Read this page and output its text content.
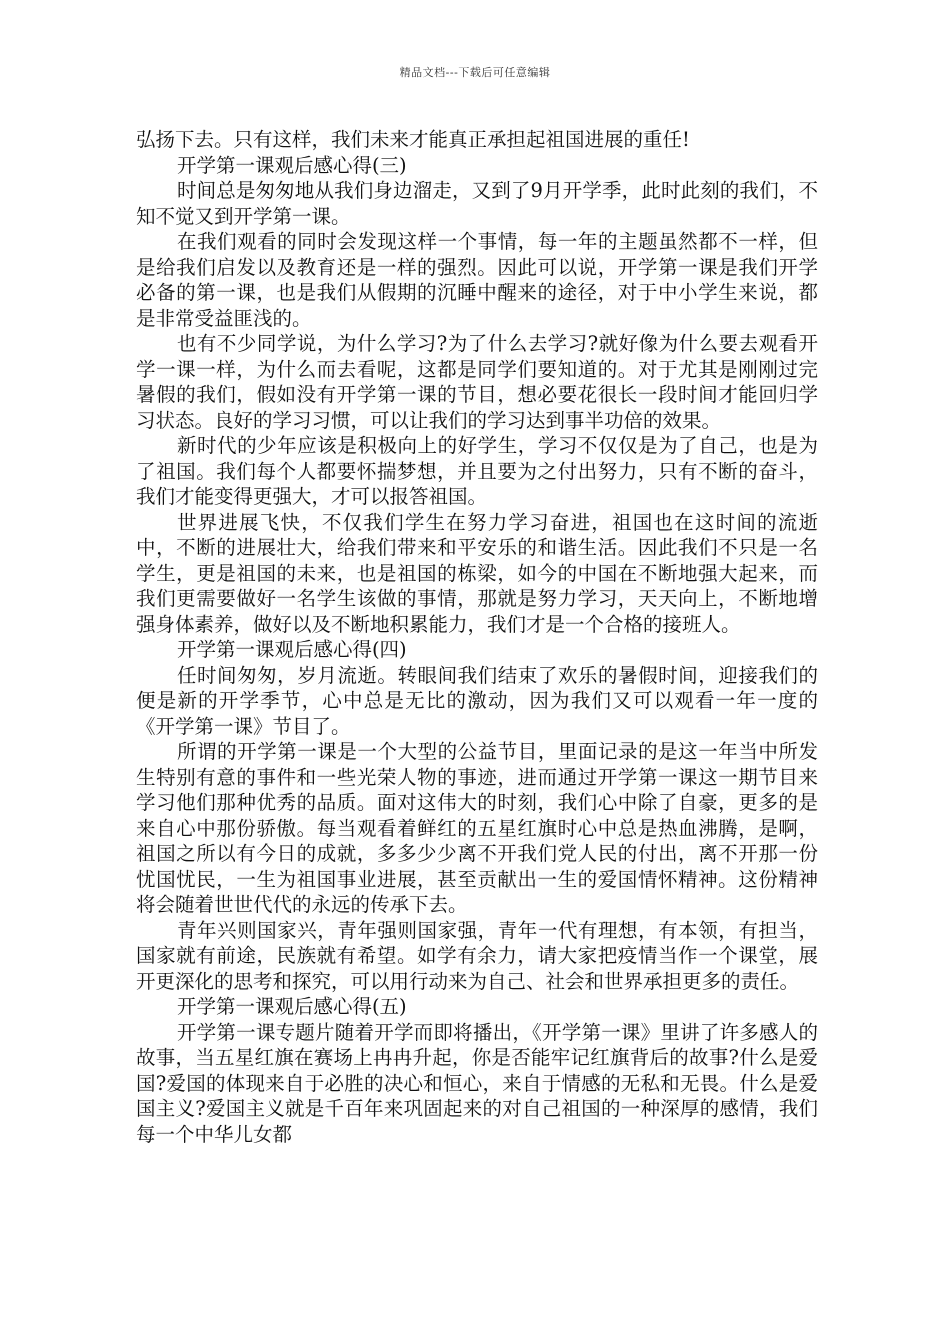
精品文档---下载后可任意编辑

弘扬下去。只有这样，我们未来才能真正承担起祖国进展的重任!

开学第一课观后感心得(三)

时间总是匆匆地从我们身边溜走，又到了9月开学季，此时此刻的我们，不知不觉又到开学第一课。

在我们观看的同时会发现这样一个事情，每一年的主题虽然都不一样，但是给我们启发以及教育还是一样的强烈。因此可以说，开学第一课是我们开学必备的第一课，也是我们从假期的沉睡中醒来的途径，对于中小学生来说，都是非常受益匪浅的。

也有不少同学说，为什么学习?为了什么去学习?就好像为什么要去观看开学一课一样，为什么而去看呢，这都是同学们要知道的。对于尤其是刚刚过完暑假的我们，假如没有开学第一课的节目，想必要花很长一段时间才能回归学习状态。良好的学习习惯，可以让我们的学习达到事半功倍的效果。

新时代的少年应该是积极向上的好学生，学习不仅仅是为了自己，也是为了祖国。我们每个人都要怀揣梦想，并且要为之付出努力，只有不断的奋斗，我们才能变得更强大，才可以报答祖国。

世界进展飞快，不仅我们学生在努力学习奋进，祖国也在这时间的流逝中，不断的进展壮大，给我们带来和平安乐的和谐生活。因此我们不只是一名学生，更是祖国的未来，也是祖国的栋梁，如今的中国在不断地强大起来，而我们更需要做好一名学生该做的事情，那就是努力学习，天天向上，不断地增强身体素养，做好以及不断地积累能力，我们才是一个合格的接班人。

开学第一课观后感心得(四)

任时间匆匆，岁月流逝。转眼间我们结束了欢乐的暑假时间，迎接我们的便是新的开学季节，心中总是无比的激动，因为我们又可以观看一年一度的《开学第一课》节目了。

所谓的开学第一课是一个大型的公益节目，里面记录的是这一年当中所发生特别有意的事件和一些光荣人物的事迹，进而通过开学第一课这一期节目来学习他们那种优秀的品质。面对这伟大的时刻，我们心中除了自豪，更多的是来自心中那份骄傲。每当观看着鲜红的五星红旗时心中总是热血沸腾，是啊，祖国之所以有今日的成就，多多少少离不开我们党人民的付出，离不开那一份忧国忧民，一生为祖国事业进展，甚至贡献出一生的爱国情怀精神。这份精神将会随着世世代代的永远的传承下去。

青年兴则国家兴，青年强则国家强，青年一代有理想，有本领，有担当，国家就有前途，民族就有希望。如学有余力，请大家把疫情当作一个课堂，展开更深化的思考和探究，可以用行动来为自己、社会和世界承担更多的责任。

开学第一课观后感心得(五)

开学第一课专题片随着开学而即将播出，《开学第一课》里讲了许多感人的故事，当五星红旗在赛场上冉冉升起，你是否能牢记红旗背后的故事?什么是爱国?爱国的体现来自于必胜的决心和恒心，来自于情感的无私和无畏。什么是爱国主义?爱国主义就是千百年来巩固起来的对自己祖国的一种深厚的感情，我们每一个中华儿女都
